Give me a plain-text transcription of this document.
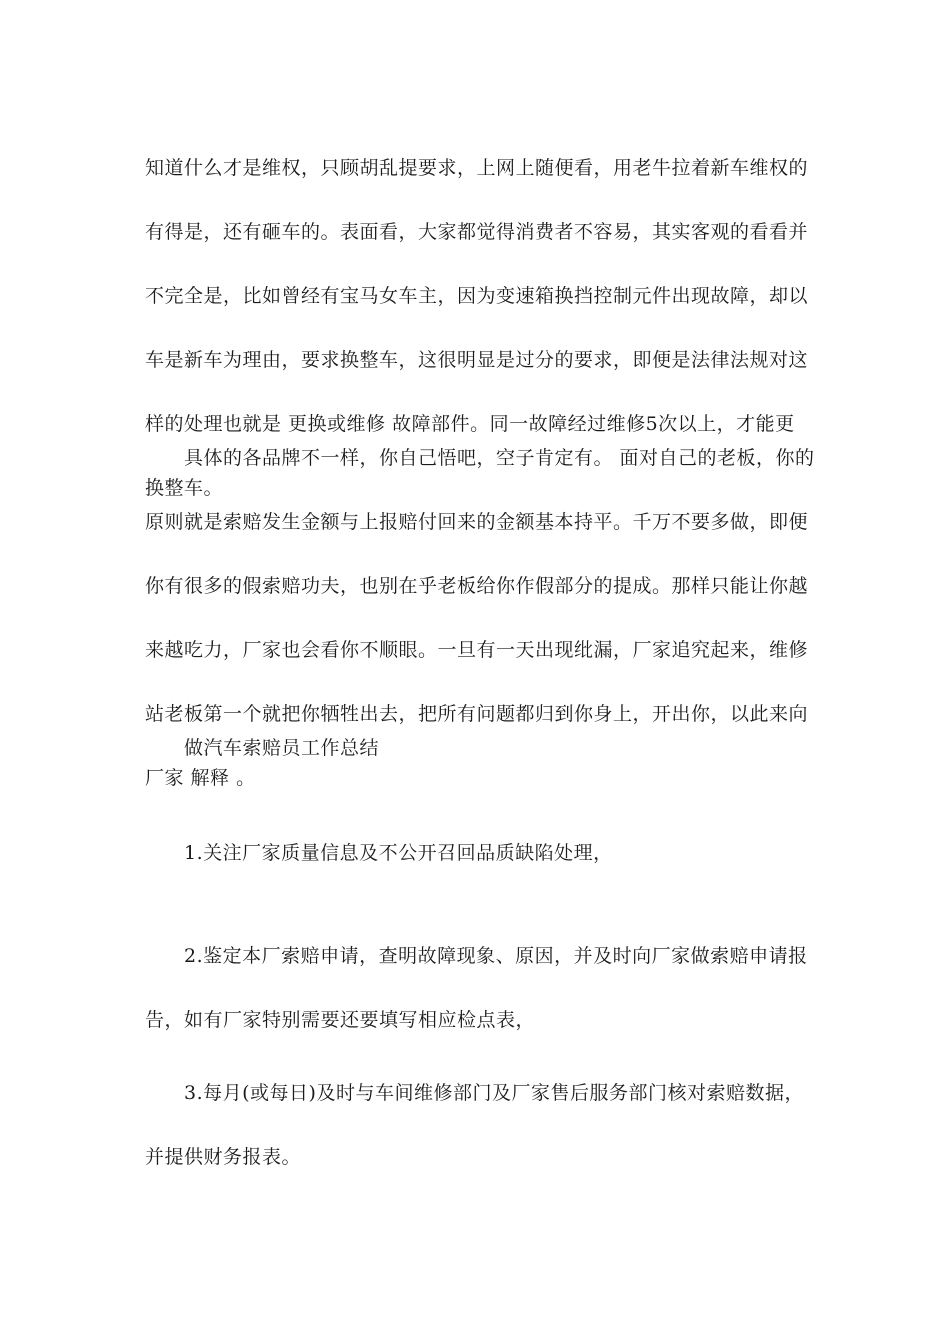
知道什么才是维权，只顾胡乱提要求，上网上随便看，用老牛拉着新车维权的

有得是，还有砸车的。表面看，大家都觉得消费者不容易，其实客观的看看并

不完全是，比如曾经有宝马女车主，因为变速箱换挡控制元件出现故障，却以

车是新车为理由，要求换整车，这很明显是过分的要求，即便是法律法规对这

样的处理也就是 更换或维修 故障部件。同一故障经过维修5次以上，才能更

换整车。

　　具体的各品牌不一样，你自己悟吧，空子肯定有。 面对自己的老板，你的

原则就是索赔发生金额与上报赔付回来的金额基本持平。千万不要多做，即便

你有很多的假索赔功夫，也别在乎老板给你作假部分的提成。那样只能让你越

来越吃力，厂家也会看你不顺眼。一旦有一天出现纰漏，厂家追究起来，维修

站老板第一个就把你牺牲出去，把所有问题都归到你身上，开出你，以此来向

厂家 解释 。

　　做汽车索赔员工作总结

　　1.关注厂家质量信息及不公开召回品质缺陷处理，

　　2.鉴定本厂索赔申请，查明故障现象、原因，并及时向厂家做索赔申请报

告，如有厂家特别需要还要填写相应检点表，

　　3.每月(或每日)及时与车间维修部门及厂家售后服务部门核对索赔数据，

并提供财务报表。
